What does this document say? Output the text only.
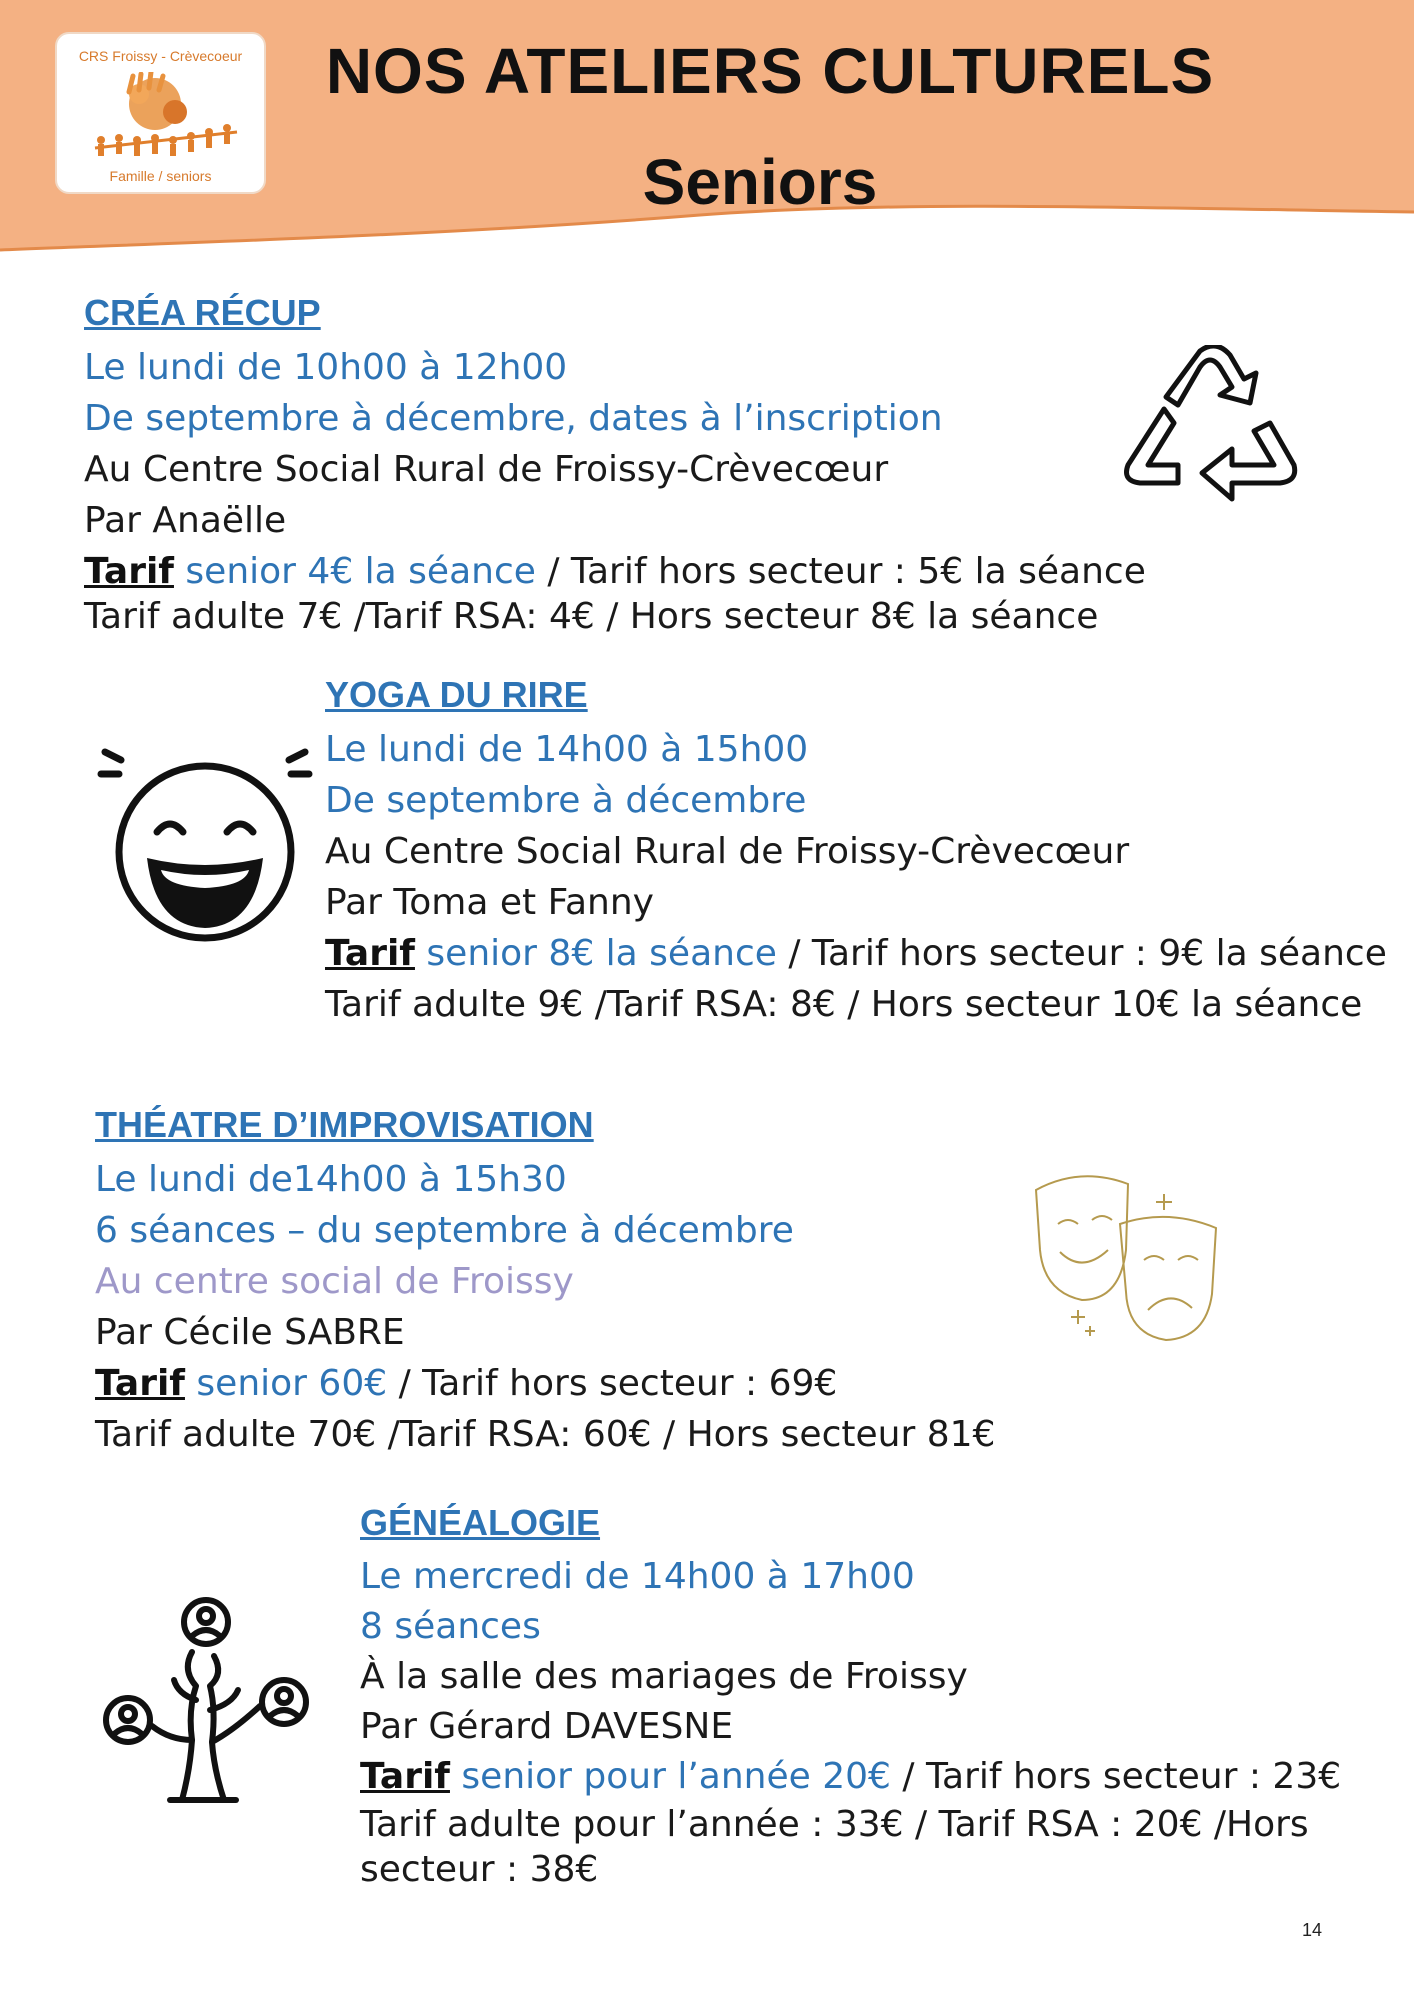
CRS Froissy - Crèvecoeur
Famille / seniors
NOS ATELIERS CULTURELS
Seniors
CRÉA RÉCUP
Le lundi de 10h00 à 12h00
De septembre à décembre, dates à l’inscription
Au Centre Social Rural de Froissy-Crèvecœur
Par Anaëlle
Tarif senior 4€ la séance / Tarif hors secteur : 5€ la séance
Tarif adulte 7€ /Tarif RSA: 4€ / Hors secteur 8€ la séance
YOGA DU RIRE
Le lundi de 14h00 à 15h00
De septembre à décembre
Au Centre Social Rural de Froissy-Crèvecœur
Par Toma et Fanny
Tarif senior 8€ la séance / Tarif hors secteur : 9€ la séance
Tarif adulte 9€ /Tarif RSA: 8€ / Hors secteur 10€ la séance
THÉATRE D’IMPROVISATION
Le lundi de14h00 à 15h30
6 séances – du septembre à décembre
Au centre social de Froissy
Par Cécile SABRE
Tarif senior 60€ / Tarif hors secteur : 69€
Tarif adulte 70€ /Tarif RSA: 60€ / Hors secteur 81€
GÉNÉALOGIE
Le mercredi de 14h00 à 17h00
8 séances
À la salle des mariages de Froissy
Par Gérard DAVESNE
Tarif senior pour l’année 20€ / Tarif hors secteur : 23€
Tarif adulte pour l’année : 33€ / Tarif RSA : 20€ /Hors
secteur : 38€
14
